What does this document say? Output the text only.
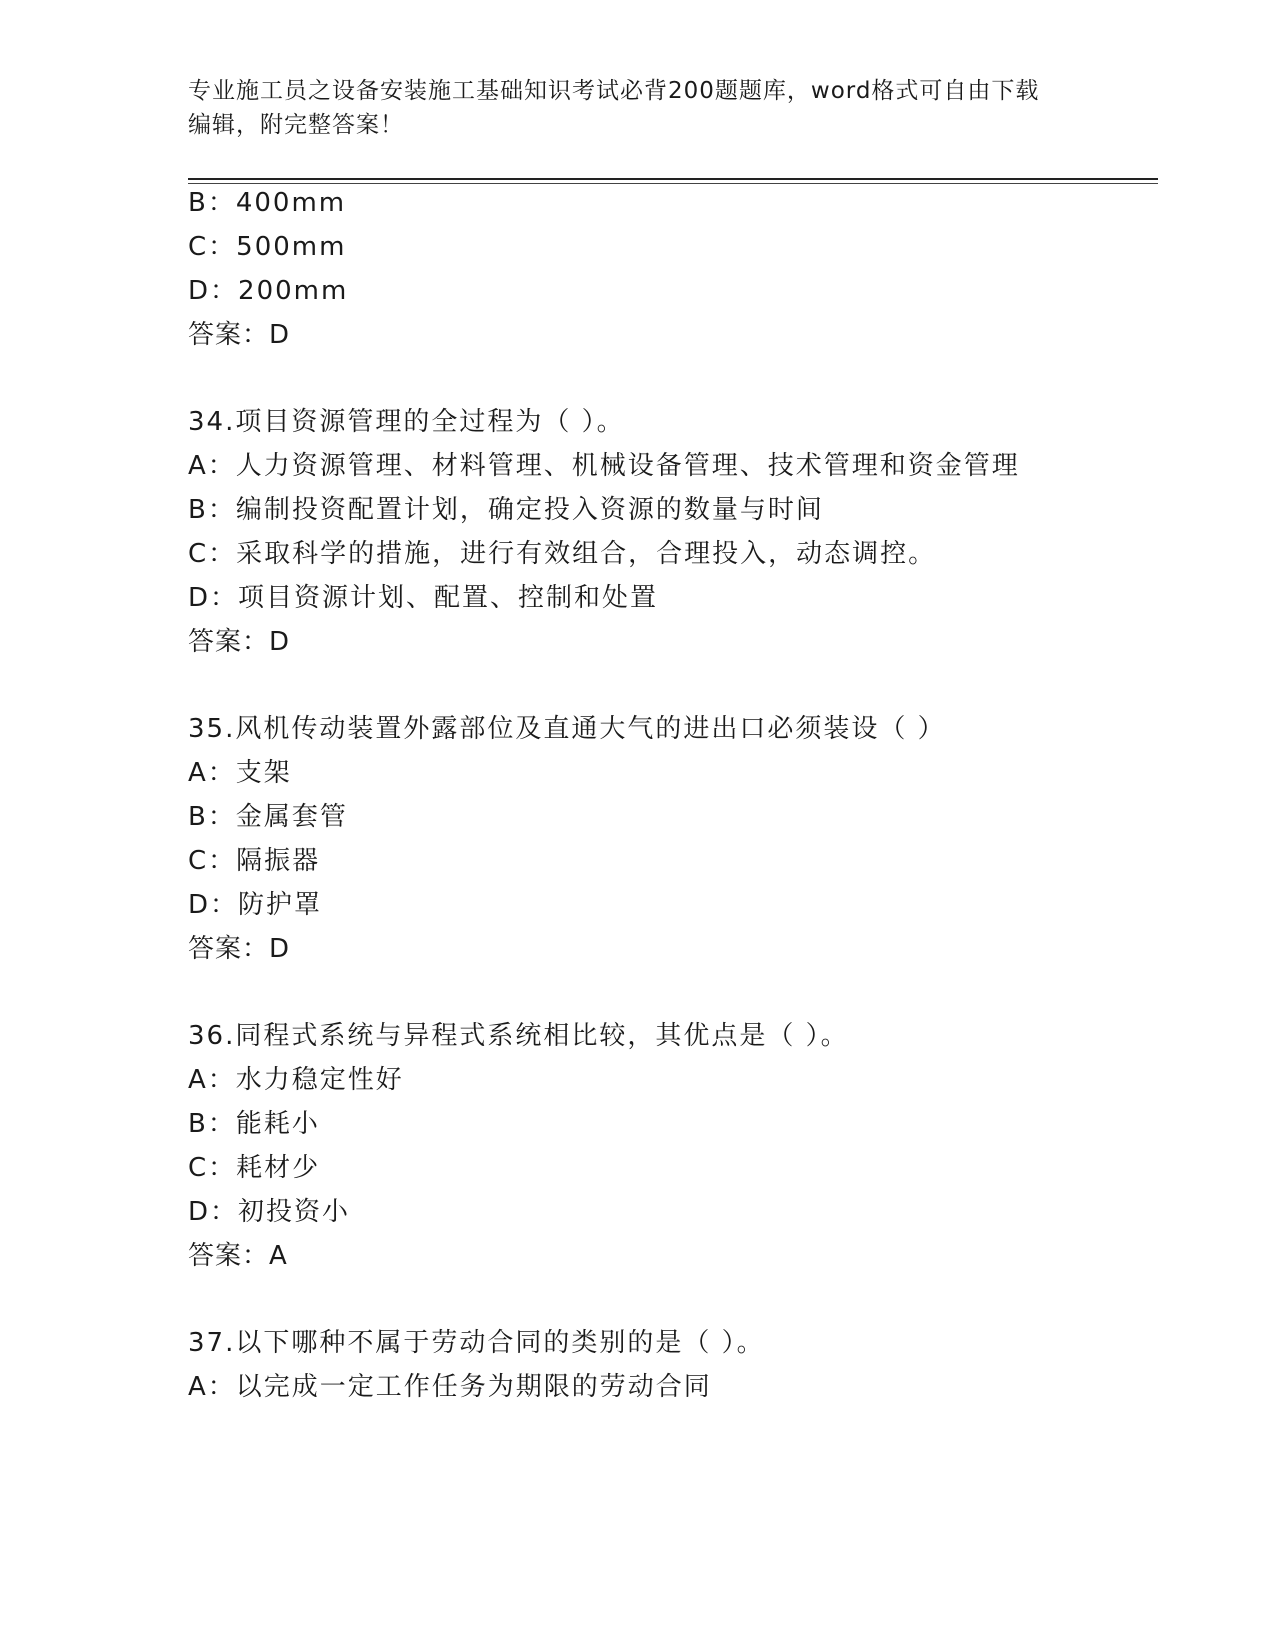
专业施工员之设备安装施工基础知识考试必背200题题库，word格式可自由下载
编辑，附完整答案！
B：400mm
C：500mm
D：200mm
答案：D
34.项目资源管理的全过程为（ ）。
A：人力资源管理、材料管理、机械设备管理、技术管理和资金管理
B：编制投资配置计划，确定投入资源的数量与时间
C：采取科学的措施，进行有效组合，合理投入，动态调控。
D：项目资源计划、配置、控制和处置
答案：D
35.风机传动装置外露部位及直通大气的进出口必须装设（ ）
A：支架
B：金属套管
C：隔振器
D：防护罩
答案：D
36.同程式系统与异程式系统相比较，其优点是（ ）。
A：水力稳定性好
B：能耗小
C：耗材少
D：初投资小
答案：A
37.以下哪种不属于劳动合同的类别的是（ ）。
A：以完成一定工作任务为期限的劳动合同
